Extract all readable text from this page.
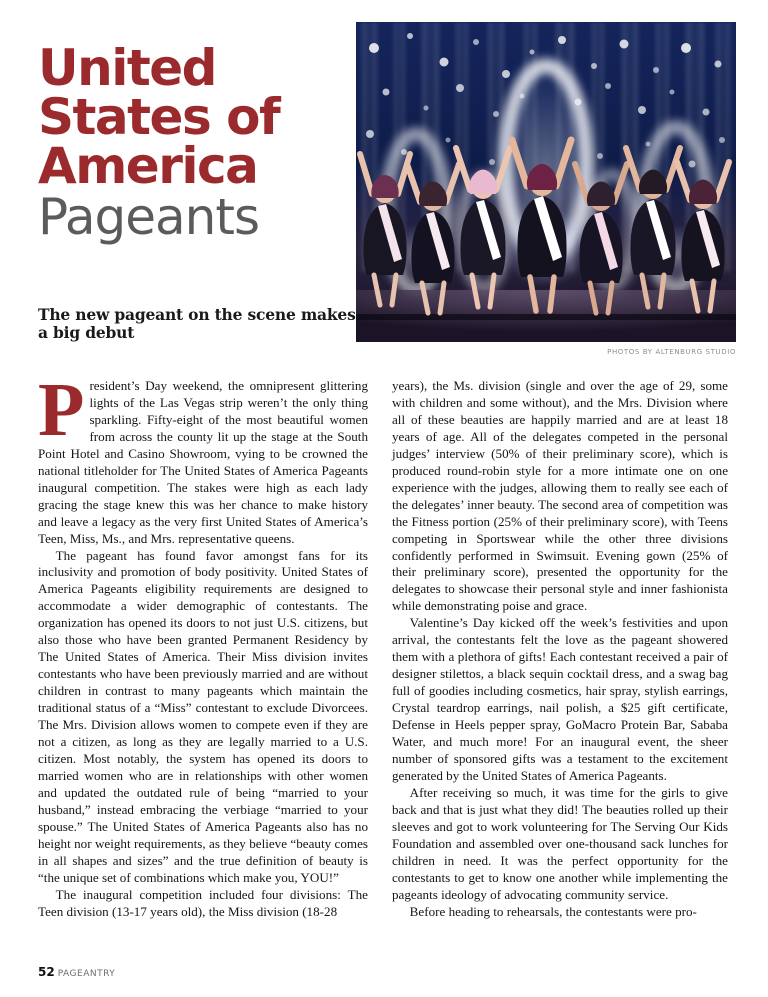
United
States of
America
Pageants
The new pageant on the scene makes a big debut
PHOTOS BY ALTENBURG STUDIO

President’s Day weekend, the omnipresent glittering lights of the Las Vegas strip weren’t the only thing sparkling. Fifty-eight of the most beautiful women from across the county lit up the stage at the South Point Hotel and Casino Showroom, vying to be crowned the national titleholder for The United States of America Pageants inaugural competition. The stakes were high as each lady gracing the stage knew this was her chance to make history and leave a legacy as the very first United States of America’s Teen, Miss, Ms., and Mrs. representative queens.

The pageant has found favor amongst fans for its inclusivity and promotion of body positivity. United States of America Pageants eligibility requirements are designed to accommodate a wider demographic of contestants. The organization has opened its doors to not just U.S. citizens, but also those who have been granted Permanent Residency by The United States of America. Their Miss division invites contestants who have been previously married and are without children in contrast to many pageants which maintain the traditional status of a “Miss” contestant to exclude Divorcees. The Mrs. Division allows women to compete even if they are not a citizen, as long as they are legally married to a U.S. citizen. Most notably, the system has opened its doors to married women who are in relationships with other women and updated the outdated rule of being “married to your husband,” instead embracing the verbiage “married to your spouse.” The United States of America Pageants also has no height nor weight requirements, as they believe “beauty comes in all shapes and sizes” and the true definition of beauty is “the unique set of combinations which make you, YOU!”

The inaugural competition included four divisions: The Teen division (13-17 years old), the Miss division (18-28

years), the Ms. division (single and over the age of 29, some with children and some without), and the Mrs. Division where all of these beauties are happily married and are at least 18 years of age. All of the delegates competed in the personal judges’ interview (50% of their preliminary score), which is produced round-robin style for a more intimate one on one experience with the judges, allowing them to really see each of the delegates’ inner beauty. The second area of competition was the Fitness portion (25% of their preliminary score), with Teens competing in Sportswear while the other three divisions confidently performed in Swimsuit. Evening gown (25% of their preliminary score), presented the opportunity for the delegates to showcase their personal style and inner fashionista while demonstrating poise and grace.

Valentine’s Day kicked off the week’s festivities and upon arrival, the contestants felt the love as the pageant showered them with a plethora of gifts! Each contestant received a pair of designer stilettos, a black sequin cocktail dress, and a swag bag full of goodies including cosmetics, hair spray, stylish earrings, Crystal teardrop earrings, nail polish, a $25 gift certificate, Defense in Heels pepper spray, GoMacro Protein Bar, Sababa Water, and much more! For an inaugural event, the sheer number of sponsored gifts was a testament to the excitement generated by the United States of America Pageants.

After receiving so much, it was time for the girls to give back and that is just what they did! The beauties rolled up their sleeves and got to work volunteering for The Serving Our Kids Foundation and assembled over one-thousand sack lunches for children in need. It was the perfect opportunity for the contestants to get to know one another while implementing the pageants ideology of advocating community service.

Before heading to rehearsals, the contestants were pro-

52 PAGEANTRY
